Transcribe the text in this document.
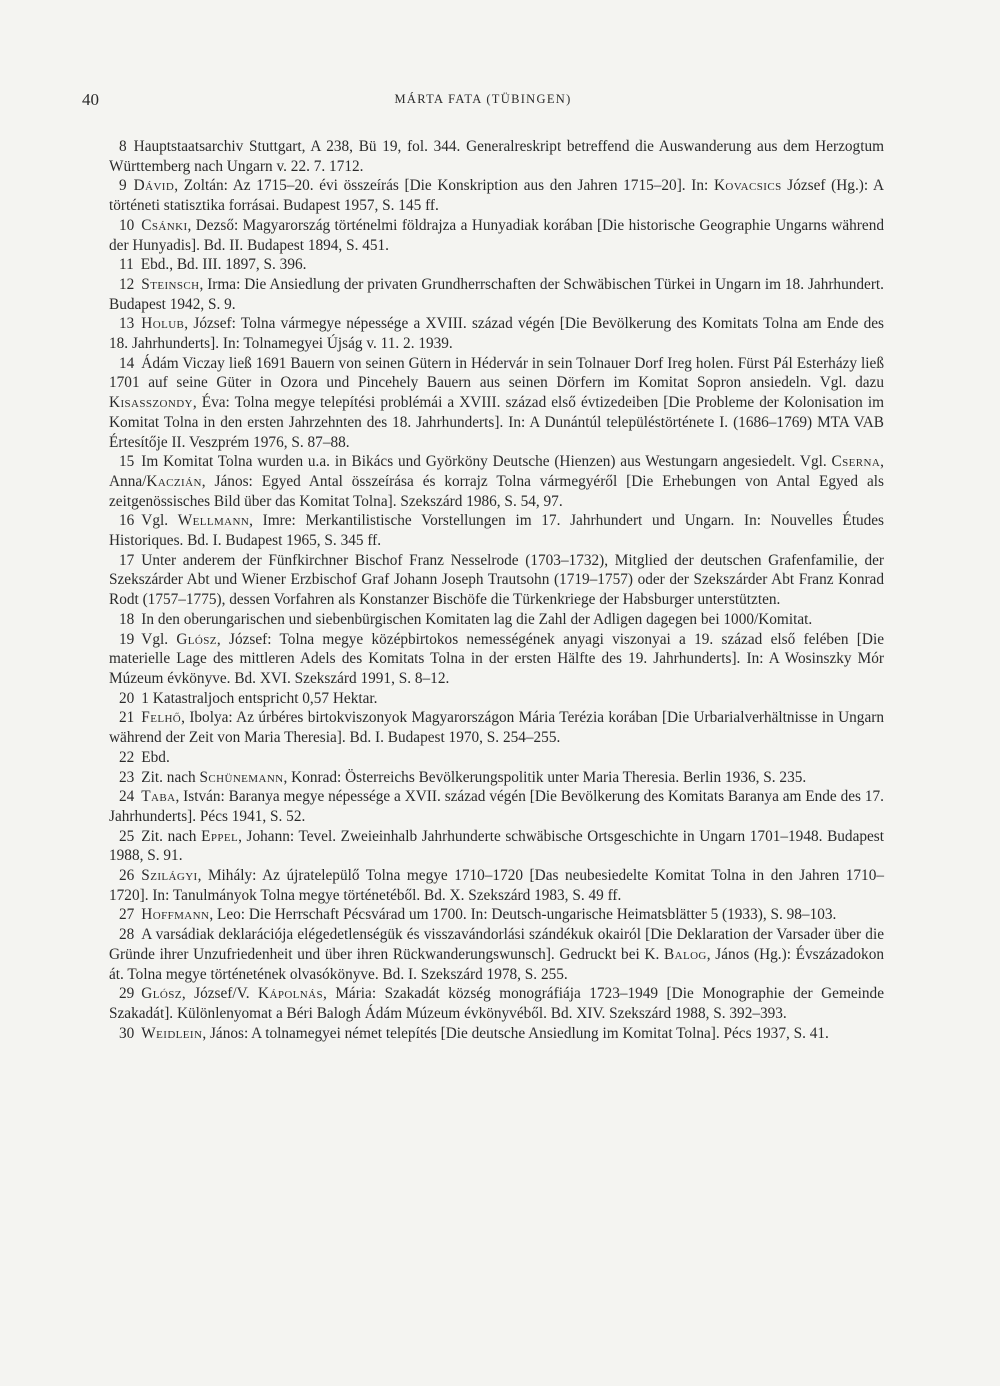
40	MÁRTA FATA (TÜBINGEN)

8 Hauptstaatsarchiv Stuttgart, A 238, Bü 19, fol. 344. Generalreskript betreffend die Auswanderung aus dem Herzogtum Württemberg nach Ungarn v. 22. 7. 1712.

9 Dávid, Zoltán: Az 1715–20. évi összeírás [Die Konskription aus den Jahren 1715–20]. In: Kovacsics József (Hg.): A történeti statisztika forrásai. Budapest 1957, S. 145 ff.

10 Csánki, Dezső: Magyarország történelmi földrajza a Hunyadiak korában [Die historische Geographie Ungarns während der Hunyadis]. Bd. II. Budapest 1894, S. 451.

11 Ebd., Bd. III. 1897, S. 396.

12 Steinsch, Irma: Die Ansiedlung der privaten Grundherrschaften der Schwäbischen Türkei in Ungarn im 18. Jahrhundert. Budapest 1942, S. 9.

13 Holub, József: Tolna vármegye népessége a XVIII. század végén [Die Bevölkerung des Komitats Tolna am Ende des 18. Jahrhunderts]. In: Tolnamegyei Újság v. 11. 2. 1939.

14 Ádám Viczay ließ 1691 Bauern von seinen Gütern in Hédervár in sein Tolnauer Dorf Ireg holen. Fürst Pál Esterházy ließ 1701 auf seine Güter in Ozora und Pincehely Bauern aus seinen Dörfern im Komitat Sopron ansiedeln. Vgl. dazu Kisasszondy, Éva: Tolna megye telepítési problémái a XVIII. század első évtizedeiben [Die Probleme der Kolonisation im Komitat Tolna in den ersten Jahrzehnten des 18. Jahrhunderts]. In: A Dunántúl településtörténete I. (1686–1769) MTA VAB Értesítője II. Veszprém 1976, S. 87–88.

15 Im Komitat Tolna wurden u.a. in Bikács und Györköny Deutsche (Hienzen) aus Westungarn angesiedelt. Vgl. Cserna, Anna/Kaczián, János: Egyed Antal összeírása és korrajz Tolna vármegyéről [Die Erhebungen von Antal Egyed als zeitgenössisches Bild über das Komitat Tolna]. Szekszárd 1986, S. 54, 97.

16 Vgl. Wellmann, Imre: Merkantilistische Vorstellungen im 17. Jahrhundert und Ungarn. In: Nouvelles Études Historiques. Bd. I. Budapest 1965, S. 345 ff.

17 Unter anderem der Fünfkirchner Bischof Franz Nesselrode (1703–1732), Mitglied der deutschen Grafenfamilie, der Szekszárder Abt und Wiener Erzbischof Graf Johann Joseph Trautsohn (1719–1757) oder der Szekszárder Abt Franz Konrad Rodt (1757–1775), dessen Vorfahren als Konstanzer Bischöfe die Türkenkriege der Habsburger unterstützten.

18 In den oberungarischen und siebenbürgischen Komitaten lag die Zahl der Adligen dagegen bei 1000/Komitat.

19 Vgl. Glósz, József: Tolna megye középbirtokos nemességének anyagi viszonyai a 19. század első felében [Die materielle Lage des mittleren Adels des Komitats Tolna in der ersten Hälfte des 19. Jahrhunderts]. In: A Wosinszky Mór Múzeum évkönyve. Bd. XVI. Szekszárd 1991, S. 8–12.

20 1 Katastraljoch entspricht 0,57 Hektar.

21 Felhő, Ibolya: Az úrbéres birtokviszonyok Magyarországon Mária Terézia korában [Die Urbarialverhältnisse in Ungarn während der Zeit von Maria Theresia]. Bd. I. Budapest 1970, S. 254–255.

22 Ebd.

23 Zit. nach Schünemann, Konrad: Österreichs Bevölkerungspolitik unter Maria Theresia. Berlin 1936, S. 235.

24 Taba, István: Baranya megye népessége a XVII. század végén [Die Bevölkerung des Komitats Baranya am Ende des 17. Jahrhunderts]. Pécs 1941, S. 52.

25 Zit. nach Eppel, Johann: Tevel. Zweieinhalb Jahrhunderte schwäbische Ortsgeschichte in Ungarn 1701–1948. Budapest 1988, S. 91.

26 Szilágyi, Mihály: Az újratelepülő Tolna megye 1710–1720 [Das neubesiedelte Komitat Tolna in den Jahren 1710–1720]. In: Tanulmányok Tolna megye történetéből. Bd. X. Szekszárd 1983, S. 49 ff.

27 Hoffmann, Leo: Die Herrschaft Pécsvárad um 1700. In: Deutsch-ungarische Heimatsblätter 5 (1933), S. 98–103.

28 A varsádiak deklarációja elégedetlenségük és visszavándorlási szándékuk okairól [Die Deklaration der Varsader über die Gründe ihrer Unzufriedenheit und über ihren Rückwanderungswunsch]. Gedruckt bei K. Balog, János (Hg.): Évszázadokon át. Tolna megye történetének olvasókönyve. Bd. I. Szekszárd 1978, S. 255.

29 Glósz, József/V. Kápolnás, Mária: Szakadát község monográfiája 1723–1949 [Die Monographie der Gemeinde Szakadát]. Különlenyomat a Béri Balogh Ádám Múzeum évkönyvéből. Bd. XIV. Szekszárd 1988, S. 392–393.

30 Weidlein, János: A tolnamegyei német telepítés [Die deutsche Ansiedlung im Komitat Tolna]. Pécs 1937, S. 41.
